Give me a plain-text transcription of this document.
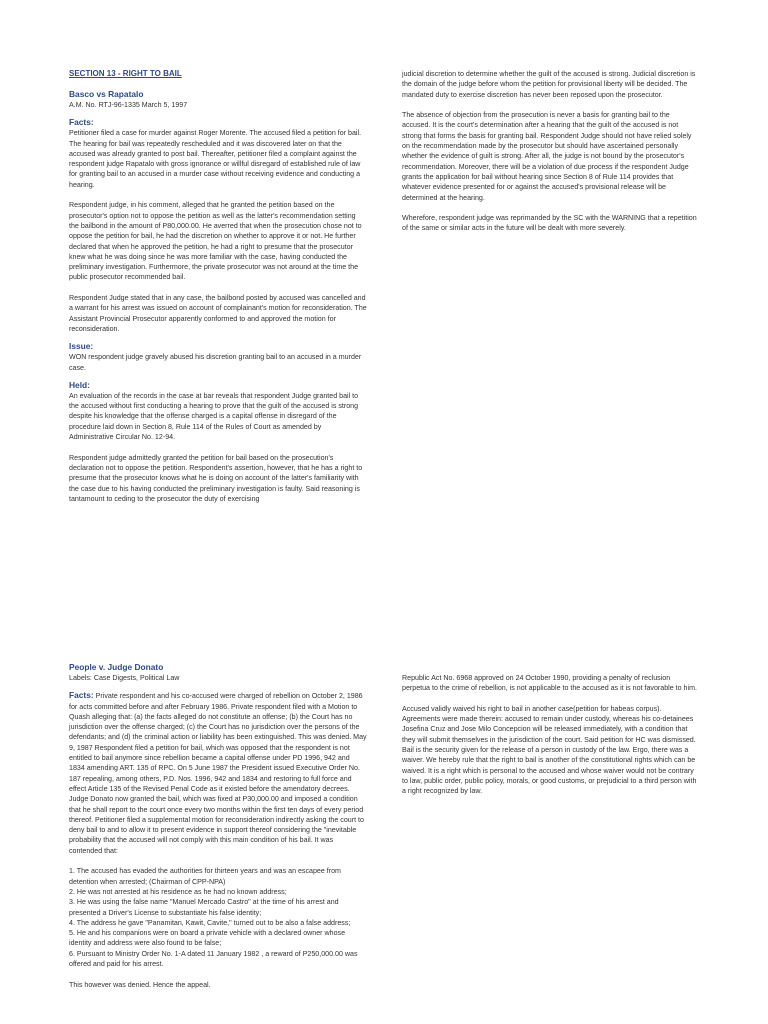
SECTION 13 - RIGHT TO BAIL
Basco vs Rapatalo

A.M. No. RTJ-96-1335 March 5, 1997

Facts:

Petitioner filed a case for murder against Roger Morente. The accused filed a petition for bail. The hearing for bail was repeatedly rescheduled and it was discovered later on that the accused was already granted to post bail. Thereafter, petitioner filed a complaint against the respondent judge Rapatalo with gross ignorance or willful disregard of established rule of law for granting bail to an accused in a murder case without receiving evidence and conducting a hearing.

Respondent judge, in his comment, alleged that he granted the petition based on the prosecutor's option not to oppose the petition as well as the latter's recommendation setting the bailbond in the amount of P80,000.00. He averred that when the prosecution chose not to oppose the petition for bail, he had the discretion on whether to approve it or not. He further declared that when he approved the petition, he had a right to presume that the prosecutor knew what he was doing since he was more familiar with the case, having conducted the preliminary investigation. Furthermore, the private prosecutor was not around at the time the public prosecutor recommended bail.

Respondent Judge stated that in any case, the bailbond posted by accused was cancelled and a warrant for his arrest was issued on account of complainant's motion for reconsideration. The Assistant Provincial Prosecutor apparently conformed to and approved the motion for reconsideration.

Issue:

WON respondent judge gravely abused his discretion granting bail to an accused in a murder case.

Held:

An evaluation of the records in the case at bar reveals that respondent Judge granted bail to the accused without first conducting a hearing to prove that the guilt of the accused is strong despite his knowledge that the offense charged is a capital offense in disregard of the procedure laid down in Section 8, Rule 114 of the Rules of Court as amended by Administrative Circular No. 12-94.

Respondent judge admittedly granted the petition for bail based on the prosecution's declaration not to oppose the petition. Respondent's assertion, however, that he has a right to presume that the prosecutor knows what he is doing on account of the latter's familiarity with the case due to his having conducted the preliminary investigation is faulty. Said reasoning is tantamount to ceding to the prosecutor the duty of exercising

judicial discretion to determine whether the guilt of the accused is strong. Judicial discretion is the domain of the judge before whom the petition for provisional liberty will be decided. The mandated duty to exercise discretion has never been reposed upon the prosecutor.

The absence of objection from the prosecution is never a basis for granting bail to the accused. It is the court's determination after a hearing that the guilt of the accused is not strong that forms the basis for granting bail. Respondent Judge should not have relied solely on the recommendation made by the prosecutor but should have ascertained personally whether the evidence of guilt is strong. After all, the judge is not bound by the prosecutor's recommendation. Moreover, there will be a violation of due process if the respondent Judge grants the application for bail without hearing since Section 8 of Rule 114 provides that whatever evidence presented for or against the accused's provisional release will be determined at the hearing.

Wherefore, respondent judge was reprimanded by the SC with the WARNING that a repetition of the same or similar acts in the future will be dealt with more severely.

People v. Judge Donato

Labels: Case Digests, Political Law

Facts: Private respondent and his co-accused were charged of rebellion on October 2, 1986 for acts committed before and after February 1986. Private respondent filed with a Motion to Quash alleging that: (a) the facts alleged do not constitute an offense; (b) the Court has no jurisdiction over the offense charged; (c) the Court has no jurisdiction over the persons of the defendants; and (d) the criminal action or liability has been extinguished. This was denied. May 9, 1987 Respondent filed a petition for bail, which was opposed that the respondent is not entitled to bail anymore since rebellion became a capital offense under PD 1996, 942 and 1834 amending ART. 135 of RPC. On 5 June 1987 the President issued Executive Order No. 187 repealing, among others, P.D. Nos. 1996, 942 and 1834 and restoring to full force and effect Article 135 of the Revised Penal Code as it existed before the amendatory decrees. Judge Donato now granted the bail, which was fixed at P30,000.00 and imposed a condition that he shall report to the court once every two months within the first ten days of every period thereof. Petitioner filed a supplemental motion for reconsideration indirectly asking the court to deny bail to and to allow it to present evidence in support thereof considering the "inevitable probability that the accused will not comply with this main condition of his bail. It was contended that:

1. The accused has evaded the authorities for thirteen years and was an escapee from detention when arrested; (Chairman of CPP-NPA)

2. He was not arrested at his residence as he had no known address;

3. He was using the false name "Manuel Mercado Castro" at the time of his arrest and presented a Driver's License to substantiate his false identity;

4. The address he gave "Panamitan, Kawit, Cavite," turned out to be also a false address;

5. He and his companions were on board a private vehicle with a declared owner whose identity and address were also found to be false;

6. Pursuant to Ministry Order No. 1-A dated 11 January 1982 , a reward of P250,000.00 was offered and paid for his arrest.

This however was denied. Hence the appeal.

Republic Act No. 6968 approved on 24 October 1990, providing a penalty of reclusion perpetua to the crime of rebellion, is not applicable to the accused as it is not favorable to him.

Accused validly waived his right to bail in another case(petition for habeas corpus). Agreements were made therein: accused to remain under custody, whereas his co-detainees Josefina Cruz and Jose Milo Concepcion will be released immediately, with a condition that they will submit themselves in the jurisdiction of the court. Said petition for HC was dismissed. Bail is the security given for the release of a person in custody of the law. Ergo, there was a waiver. We hereby rule that the right to bail is another of the constitutional rights which can be waived. It is a right which is personal to the accused and whose waiver would not be contrary to law, public order, public policy, morals, or good customs, or prejudicial to a third person with a right recognized by law.
